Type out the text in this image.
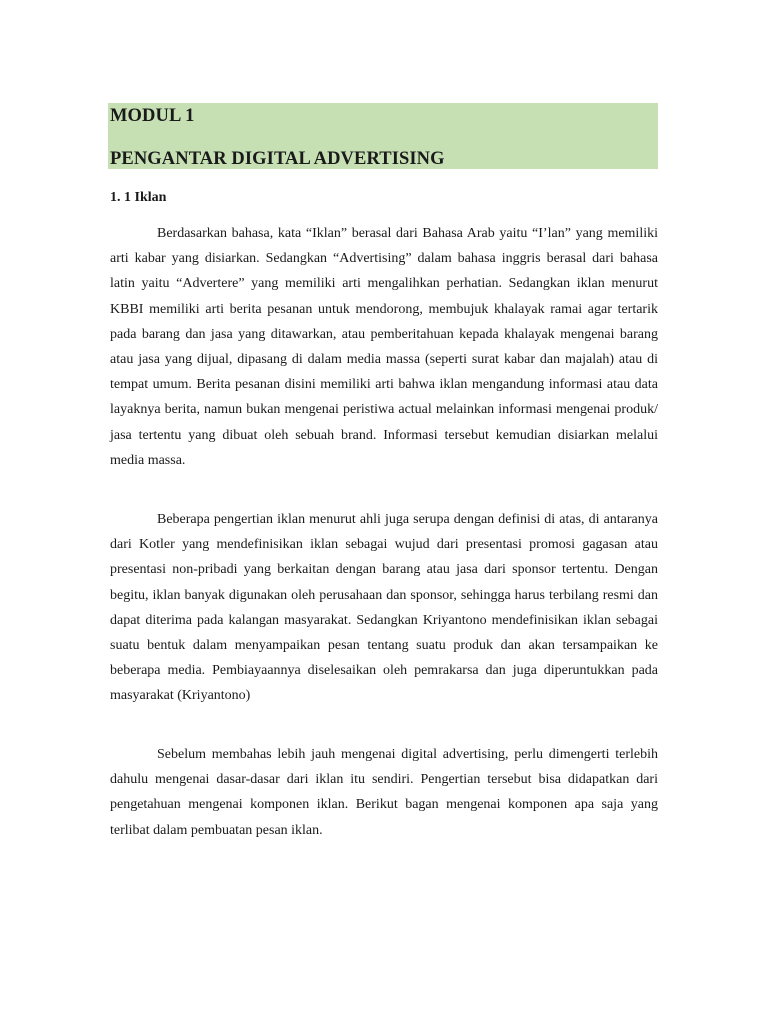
MODUL 1
PENGANTAR DIGITAL ADVERTISING
1. 1 Iklan

Berdasarkan bahasa, kata “Iklan” berasal dari Bahasa Arab yaitu “I’lan” yang memiliki arti kabar yang disiarkan. Sedangkan “Advertising” dalam bahasa inggris berasal dari bahasa latin yaitu “Advertere” yang memiliki arti mengalihkan perhatian. Sedangkan iklan menurut KBBI memiliki arti berita pesanan untuk mendorong, membujuk khalayak ramai agar tertarik pada barang dan jasa yang ditawarkan, atau pemberitahuan kepada khalayak mengenai barang atau jasa yang dijual, dipasang di dalam media massa (seperti surat kabar dan majalah) atau di tempat umum. Berita pesanan disini memiliki arti bahwa iklan mengandung informasi atau data layaknya berita, namun bukan mengenai peristiwa actual melainkan informasi mengenai produk/ jasa tertentu yang dibuat oleh sebuah brand. Informasi tersebut kemudian disiarkan melalui media massa.

Beberapa pengertian iklan menurut ahli juga serupa dengan definisi di atas, di antaranya dari Kotler yang mendefinisikan iklan sebagai wujud dari presentasi promosi gagasan atau presentasi non-pribadi yang berkaitan dengan barang atau jasa dari sponsor tertentu. Dengan begitu, iklan banyak digunakan oleh perusahaan dan sponsor, sehingga harus terbilang resmi dan dapat diterima pada kalangan masyarakat. Sedangkan Kriyantono mendefinisikan iklan sebagai suatu bentuk dalam menyampaikan pesan tentang suatu produk dan akan tersampaikan ke beberapa media. Pembiayaannya diselesaikan oleh pemrakarsa dan juga diperuntukkan pada masyarakat (Kriyantono)

Sebelum membahas lebih jauh mengenai digital advertising, perlu dimengerti terlebih dahulu mengenai dasar-dasar dari iklan itu sendiri. Pengertian tersebut bisa didapatkan dari pengetahuan mengenai komponen iklan. Berikut bagan mengenai komponen apa saja yang terlibat dalam pembuatan pesan iklan.
